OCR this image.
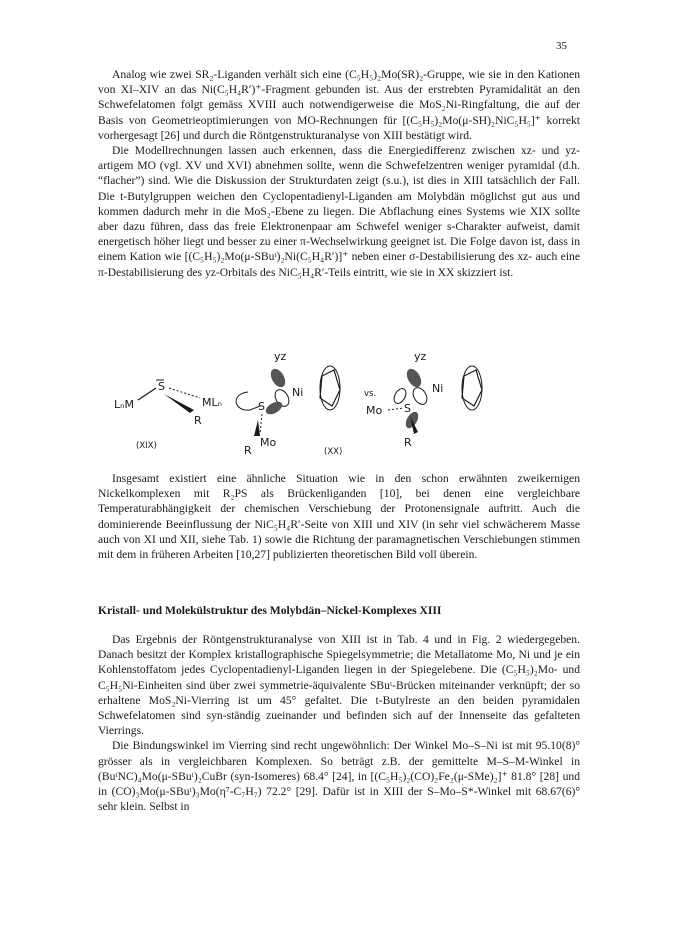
35

Analog wie zwei SR₂-Liganden verhält sich eine (C₅H₅)₂Mo(SR)₂-Gruppe, wie sie in den Kationen von XI–XIV an das Ni(C₅H₄R′)⁺-Fragment gebunden ist. Aus der erstrebten Pyramidalität an den Schwefelatomen folgt gemäss XVIII auch notwendigerweise die MoS₂Ni-Ringfaltung, die auf der Basis von Geometrieoptimierungen von MO-Rechnungen für [(C₅H₅)₂Mo(μ-SH)₂NiC₅H₅]⁺ korrekt vorhergesagt [26] und durch die Röntgenstrukturanalyse von XIII bestätigt wird.

Die Modellrechnungen lassen auch erkennen, dass die Energiedifferenz zwischen xz- und yz-artigem MO (vgl. XV und XVI) abnehmen sollte, wenn die Schwefelzentren weniger pyramidal (d.h. “flacher”) sind. Wie die Diskussion der Strukturdaten zeigt (s.u.), ist dies in XIII tatsächlich der Fall. Die t-Butylgruppen weichen den Cyclopentadienyl-Liganden am Molybdän möglichst gut aus und kommen dadurch mehr in die MoS₂-Ebene zu liegen. Die Abflachung eines Systems wie XIX sollte aber dazu führen, dass das freie Elektronenpaar am Schwefel weniger s-Charakter aufweist, damit energetisch höher liegt und besser zu einer π-Wechselwirkung geeignet ist. Die Folge davon ist, dass in einem Kation wie [(C₅H₅)₂Mo(μ-SBuᵗ)₂Ni(C₅H₄R′)]⁺ neben einer σ-Destabilisierung des xz- auch eine π-Destabilisierung des yz-Orbitals des NiC₅H₄R′-Teils eintritt, wie sie in XX skizziert ist.

LₙM
S
MLₙ
R
(XIX)
yz
Ni
S
Mo
R	(XX)
vs.
yz
Ni
Mo S
R

Insgesamt existiert eine ähnliche Situation wie in den schon erwähnten zweikernigen Nickelkomplexen mit R₂PS als Brückenliganden [10], bei denen eine vergleichbare Temperaturabhängigkeit der chemischen Verschiebung der Protonensignale auftritt. Auch die dominierende Beeinflussung der NiC₅H₄R′-Seite von XIII und XIV (in sehr viel schwächerem Masse auch von XI und XII, siehe Tab. 1) sowie die Richtung der paramagnetischen Verschiebungen stimmen mit dem in früheren Arbeiten [10,27] publizierten theoretischen Bild voll überein.

Kristall- und Molekülstruktur des Molybdän–Nickel-Komplexes XIII

Das Ergebnis der Röntgenstrukturanalyse von XIII ist in Tab. 4 und in Fig. 2 wiedergegeben. Danach besitzt der Komplex kristallographische Spiegelsymmetrie; die Metallatome Mo, Ni und je ein Kohlenstoffatom jedes Cyclopentadienyl-Liganden liegen in der Spiegelebene. Die (C₅H₅)₂Mo- und C₅H₅Ni-Einheiten sind über zwei symmetrie-äquivalente SBuᵗ-Brücken miteinander verknüpft; der so erhaltene MoS₂Ni-Vierring ist um 45° gefaltet. Die t-Butylreste an den beiden pyramidalen Schwefelatomen sind syn-ständig zueinander und befinden sich auf der Innenseite das gefalteten Vierrings.

Die Bindungswinkel im Vierring sind recht ungewöhnlich: Der Winkel Mo–S–Ni ist mit 95.10(8)° grösser als in vergleichbaren Komplexen. So beträgt z.B. der gemittelte M–S–M-Winkel in (BuᵗNC)₄Mo(μ-SBuᵗ)₂CuBr (syn-Isomeres) 68.4° [24], in [(C₅H₅)₂(CO)₂Fe₂(μ-SMe)₂]⁺ 81.8° [28] und in (CO)₃Mo(μ-SBuᵗ)₃Mo(η⁷-C₇H₇) 72.2° [29]. Dafür ist in XIII der S–Mo–S*-Winkel mit 68.67(6)° sehr klein. Selbst in
